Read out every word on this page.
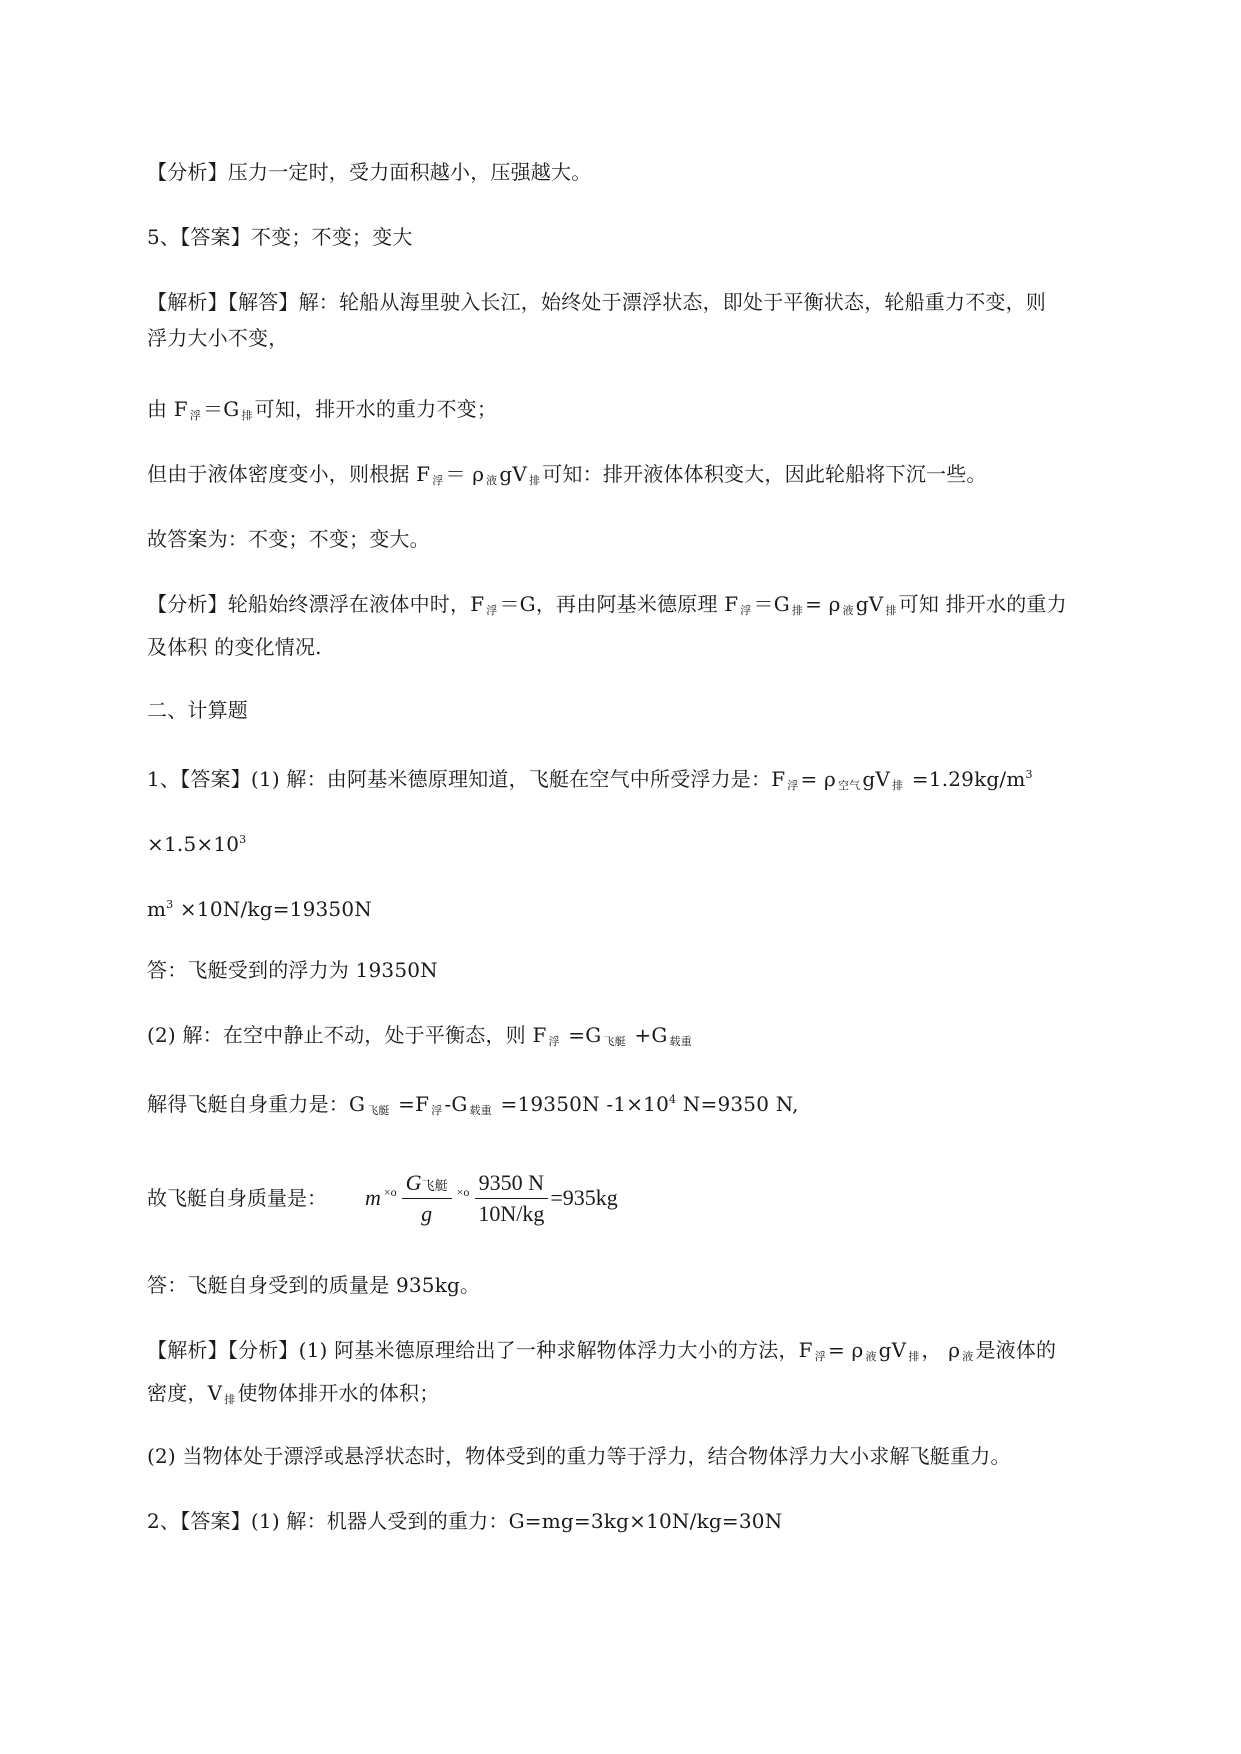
【分析】压力一定时，受力面积越小，压强越大。
5、【答案】不变；不变；变大
【解析】【解答】解：轮船从海里驶入长江，始终处于漂浮状态，即处于平衡状态，轮船重力不变，则
浮力大小不变，
由 F $_浮$ ＝G $_排$ 可知，排开水的重力不变；
但由于液体密度变小，则根据 F $_浮$ ＝ ρ $_液$ gV $_排$ 可知：排开液体体积变大，因此轮船将下沉一些。
故答案为：不变；不变；变大。
【分析】轮船始终漂浮在液体中时，F $_浮$ ＝G，再由阿基米德原理 F $_浮$ ＝G $_排$ = ρ $_液$ gV $_排$ 可知 排开水的重力
及体积 的变化情况.
二、计算题
1、【答案】(1) 解：由阿基米德原理知道，飞艇在空气中所受浮力是：F $_浮$ = ρ $_{空气}$ gV $_排 =1.29kg/m^3$
$\times 1.5\times 10^3$
$m^3 \times 10N/kg=19350N$
答：飞艇受到的浮力为 19350N
(2) 解：在空中静止不动，处于平衡态，则 F $_浮$ =G $_{飞艇}$ +G $_{载重}$
解得飞艇自身重力是：G $_{飞艇}$ =F $_浮$ -G $_{载重}$ =19350N $-1\times 10^4$ N=9350 N,
故飞艇自身质量是： $m \times o \frac{\text{G飞艇}}{g} \times o \frac{9350 N}{10N/kg} =935kg$
答：飞艇自身受到的质量是 935kg。
【解析】【分析】(1) 阿基米德原理给出了一种求解物体浮力大小的方法，F $_浮$ = ρ $_液$ gV $_排$ ， ρ $_液$ 是液体的
密度，V $_排$ 使物体排开水的体积；
(2) 当物体处于漂浮或悬浮状态时，物体受到的重力等于浮力，结合物体浮力大小求解飞艇重力。
2、【答案】(1) 解：机器人受到的重力：G=mg=3kg×10N/kg=30N
